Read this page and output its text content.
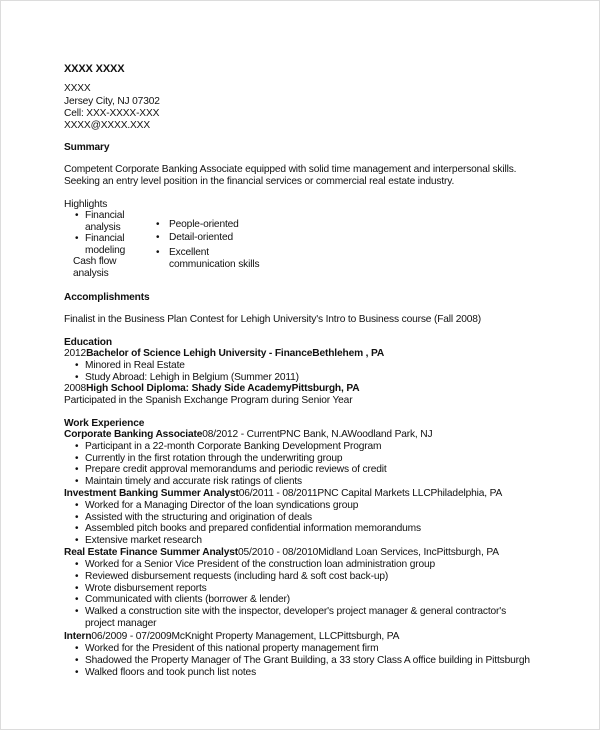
XXXX XXXX
XXXX
Jersey City, NJ 07302
Cell: XXX-XXXX-XXX
XXXX@XXXX.XXX
Summary
Competent Corporate Banking Associate equipped with solid time management and interpersonal skills.
Seeking an entry level position in the financial services or commercial real estate industry.
Highlights
•
Financial
analysis
•
Financial
modeling
Cash flow
analysis
•
People-oriented
•
Detail-oriented
•
Excellent
communication skills
Accomplishments
Finalist in the Business Plan Contest for Lehigh University's Intro to Business course (Fall 2008)
Education
2012Bachelor of Science Lehigh University - FinanceBethlehem , PA
•
Minored in Real Estate
•
Study Abroad: Lehigh in Belgium (Summer 2011)
2008High School Diploma: Shady Side AcademyPittsburgh, PA
Participated in the Spanish Exchange Program during Senior Year
Work Experience
Corporate Banking Associate08/2012 - CurrentPNC Bank, N.AWoodland Park, NJ
•
Participant in a 22-month Corporate Banking Development Program
•
Currently in the first rotation through the underwriting group
•
Prepare credit approval memorandums and periodic reviews of credit
•
Maintain timely and accurate risk ratings of clients
Investment Banking Summer Analyst06/2011 - 08/2011PNC Capital Markets LLCPhiladelphia, PA
•
Worked for a Managing Director of the loan syndications group
•
Assisted with the structuring and origination of deals
•
Assembled pitch books and prepared confidential information memorandums
•
Extensive market research
Real Estate Finance Summer Analyst05/2010 - 08/2010Midland Loan Services, IncPittsburgh, PA
•
Worked for a Senior Vice President of the construction loan administration group
•
Reviewed disbursement requests (including hard & soft cost back-up)
•
Wrote disbursement reports
•
Communicated with clients (borrower & lender)
•
Walked a construction site with the inspector, developer's project manager & general contractor's
project manager
Intern06/2009 - 07/2009McKnight Property Management, LLCPittsburgh, PA
•
Worked for the President of this national property management firm
•
Shadowed the Property Manager of The Grant Building, a 33 story Class A office building in Pittsburgh
•
Walked floors and took punch list notes
